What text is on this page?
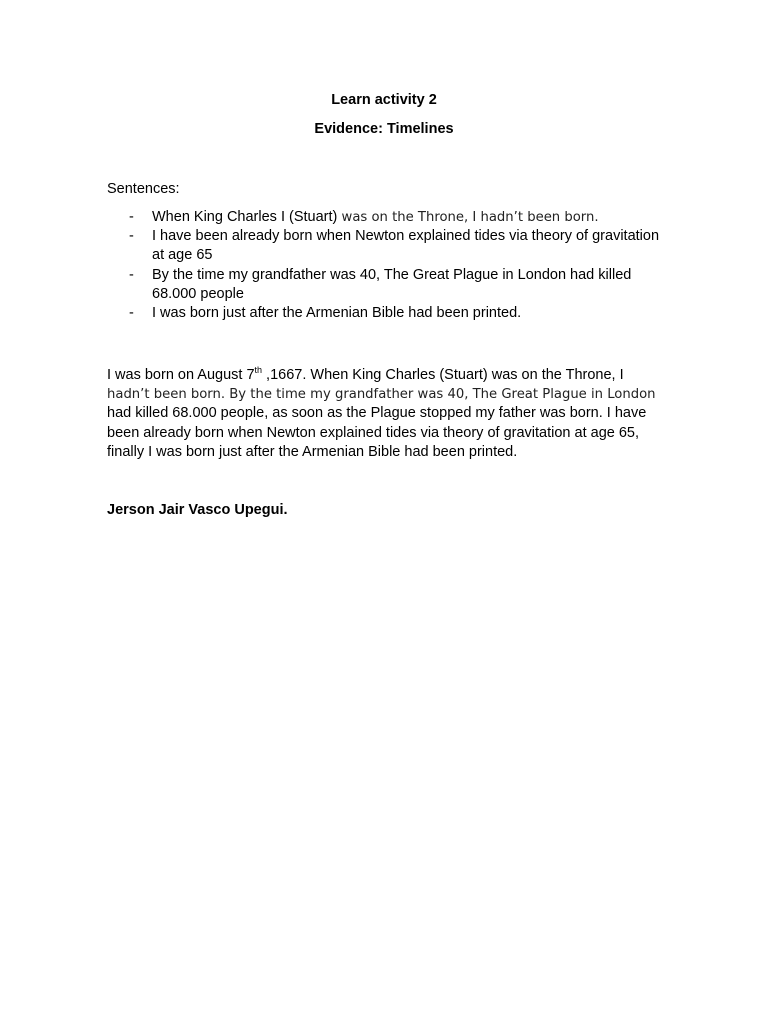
Learn activity 2
Evidence: Timelines
Sentences:
- When King Charles I (Stuart) was on the Throne, I hadn’t been born.
- I have been already born when Newton explained tides via theory of gravitation at age 65
- By the time my grandfather was 40, The Great Plague in London had killed 68.000 people
- I was born just after the Armenian Bible had been printed.

I was born on August 7th ,1667. When King Charles (Stuart) was on the Throne, I hadn’t been born. By the time my grandfather was 40, The Great Plague in London had killed 68.000 people, as soon as the Plague stopped my father was born. I have been already born when Newton explained tides via theory of gravitation at age 65, finally I was born just after the Armenian Bible had been printed.

Jerson Jair Vasco Upegui.
